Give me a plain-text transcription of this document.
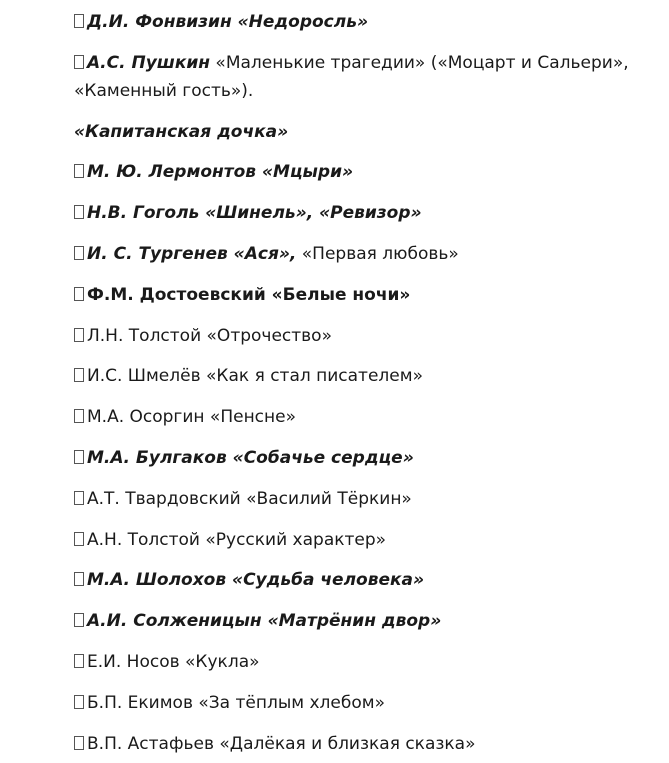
Д.И. Фонвизин «Недоросль»

А.С. Пушкин «Маленькие трагедии» («Моцарт и Сальери», «Каменный гость»).

«Капитанская дочка»

М. Ю. Лермонтов «Мцыри»

Н.В. Гоголь «Шинель», «Ревизор»

И. С. Тургенев «Ася», «Первая любовь»

Ф.М. Достоевский «Белые ночи»

Л.Н. Толстой «Отрочество»

И.С. Шмелёв «Как я стал писателем»

М.А. Осоргин «Пенсне»

М.А. Булгаков «Собачье сердце»

А.Т. Твардовский «Василий Тёркин»

А.Н. Толстой «Русский характер»

М.А. Шолохов «Судьба человека»

А.И. Солженицын «Матрёнин двор»

Е.И. Носов «Кукла»

Б.П. Екимов «За тёплым хлебом»

В.П. Астафьев «Далёкая и близкая сказка»
